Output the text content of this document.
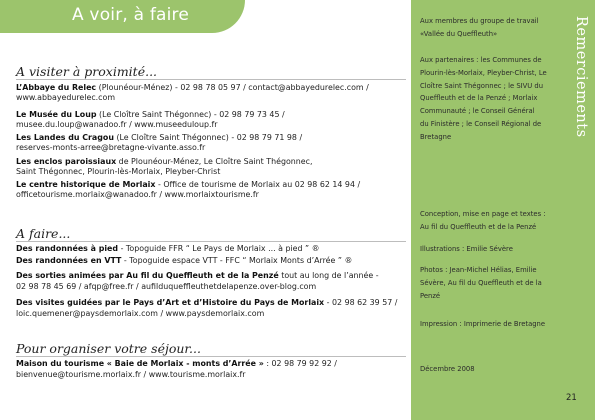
A voir, à faire
A visiter à proximité...
L’Abbaye du Relec (Plounéour-Ménez) - 02 98 78 05 97 / contact@abbayedurelec.com /
www.abbayedurelec.com
Le Musée du Loup (Le Cloître Saint Thégonnec) - 02 98 79 73 45 /
musee.du.loup@wanadoo.fr / www.museeduloup.fr
Les Landes du Cragou (Le Cloître Saint Thégonnec) - 02 98 79 71 98 /
reserves-monts-arree@bretagne-vivante.asso.fr
Les enclos paroissiaux de Plounéour-Ménez, Le Cloître Saint Thégonnec,
Saint Thégonnec, Plourin-lès-Morlaix, Pleyber-Christ
Le centre historique de Morlaix - Office de tourisme de Morlaix au 02 98 62 14 94 /
officetourisme.morlaix@wanadoo.fr / www.morlaixtourisme.fr
A faire...
Des randonnées à pied - Topoguide FFR “ Le Pays de Morlaix ... à pied ” ®
Des randonnées en VTT - Topoguide espace VTT - FFC “ Morlaix Monts d’Arrée ” ®
Des sorties animées par Au fil du Queffleuth et de la Penzé tout au long de l’année -
02 98 78 45 69 / afqp@free.fr / aufilduqueffleuthetdelapenze.over-blog.com
Des visites guidées par le Pays d’Art et d’Histoire du Pays de Morlaix - 02 98 62 39 57 /
loic.quemener@paysdemorlaix.com / www.paysdemorlaix.com
Pour organiser votre séjour...
Maison du tourisme « Baie de Morlaix - monts d’Arrée » : 02 98 79 92 92 /
bienvenue@tourisme.morlaix.fr / www.tourisme.morlaix.fr
Remerciements
Aux membres du groupe de travail
«Vallée du Queffleuth»
Aux partenaires : les Communes de
Plourin-lès-Morlaix, Pleyber-Christ, Le
Cloître Saint Thégonnec ; le SIVU du
Queffleuth et de la Penzé ; Morlaix
Communauté ; le Conseil Général
du Finistère ; le Conseil Régional de
Bretagne
Conception, mise en page et textes :
Au fil du Queffleuth et de la Penzé
Illustrations : Emilie Sévère
Photos : Jean-Michel Hélias, Emilie
Sévère, Au fil du Queffleuth et de la
Penzé
Impression : Imprimerie de Bretagne
Décembre 2008
21
